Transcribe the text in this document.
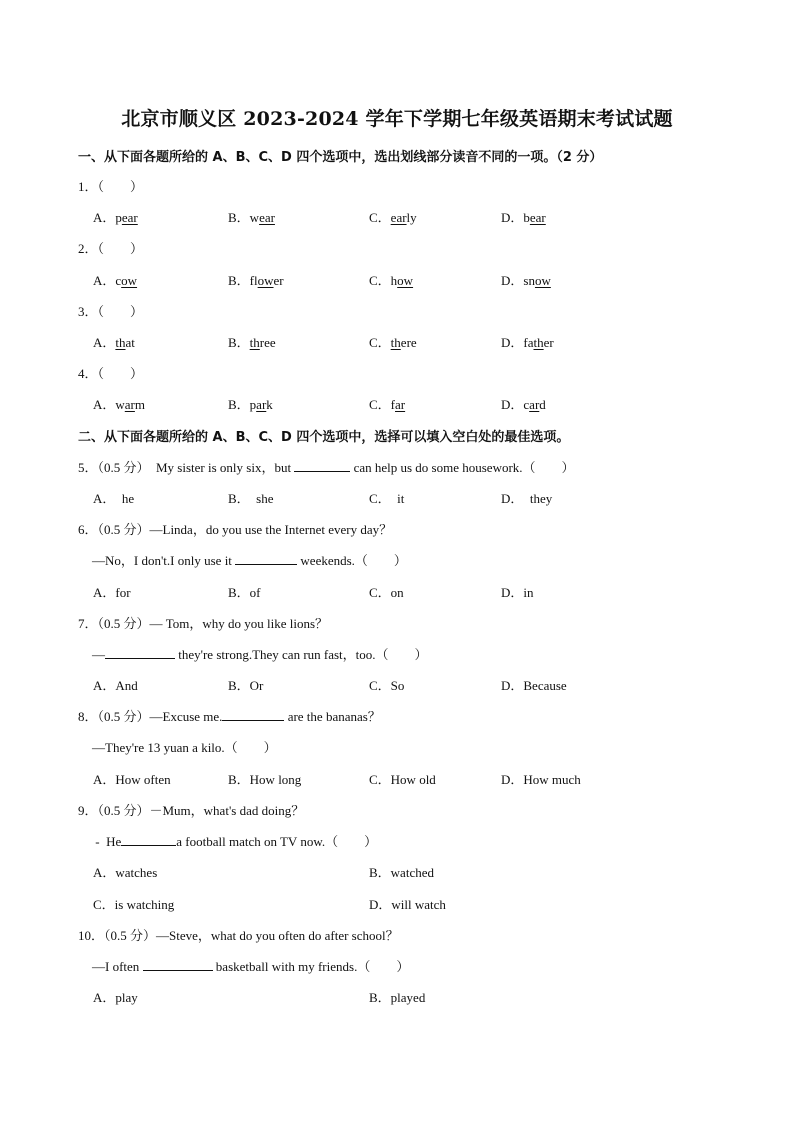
北京市顺义区 2023-2024 学年下学期七年级英语期末考试试题
一、从下面各题所给的 A、B、C、D 四个选项中，选出划线部分读音不同的一项。（2 分）
1．（　　）
A．pear	B．wear	C．early	D．bear
2．（　　）
A．cow	B．flower	C．how	D．snow
3．（　　）
A．that	B．three	C．there	D．father
4．（　　）
A．warm	B．park	C．far	D．card
二、从下面各题所给的 A、B、C、D 四个选项中，选择可以填入空白处的最佳选项。
5．（0.5 分）  My sister is only six，but	can help us do some housework.（　　）
A．  he	B．  she	C．  it	D．  they
6．（0.5 分）—Linda，do you use the Internet every day？
—No，I don't.I only use it	weekends.（　　）
A．for	B．of	C．on	D．in
7．（0.5 分）— Tom，why do you like lions？
—	they're strong.They can run fast，too.（　　）
A．And	B．Or	C．So	D．Because
8．（0.5 分）—Excuse me.	are the bananas？
—They're 13 yuan a kilo.（　　）
A．How often	B．How long	C．How old	D．How much
9．（0.5 分）－Mum，what's dad doing？
-  He	a football match on TV now.（　　）
A．watches	B．watched
C．is watching	D．will watch
10．（0.5 分）—Steve，what do you often do after school？
—I often	basketball with my friends.（　　）
A．play	B．played
